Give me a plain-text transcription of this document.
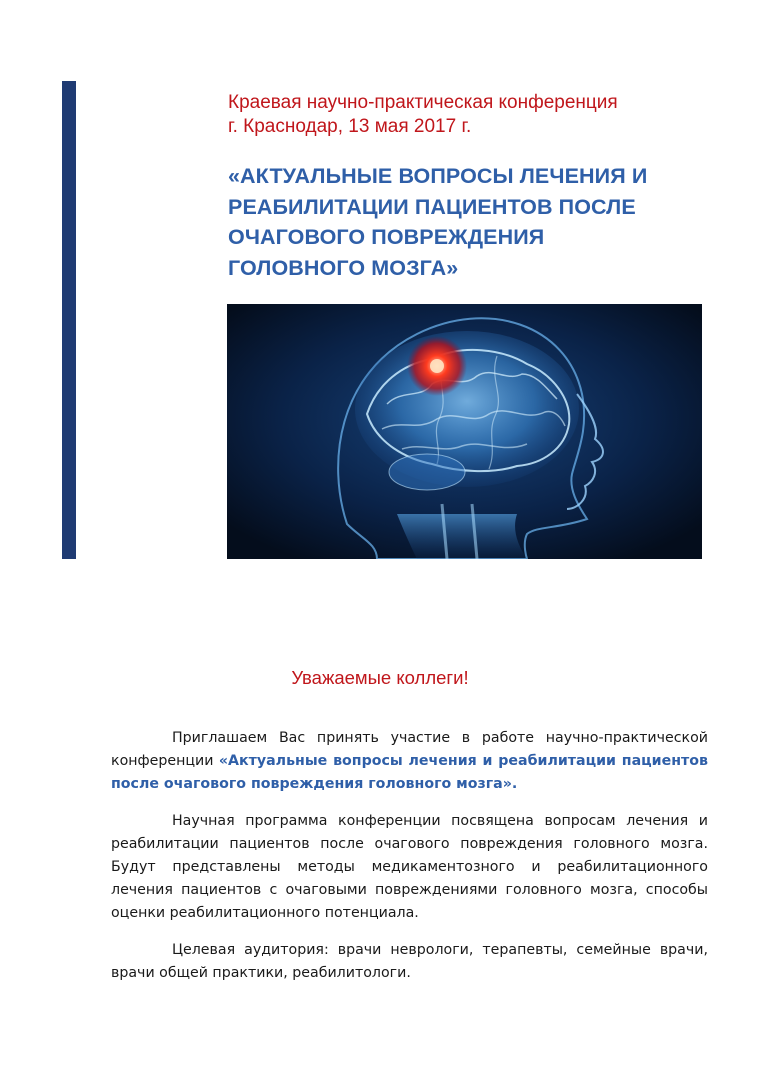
Краевая научно-практическая конференция

г. Краснодар, 13 мая 2017 г.

«АКТУАЛЬНЫЕ ВОПРОСЫ ЛЕЧЕНИЯ И
РЕАБИЛИТАЦИИ ПАЦИЕНТОВ ПОСЛЕ
ОЧАГОВОГО ПОВРЕЖДЕНИЯ
ГОЛОВНОГО МОЗГА»

Уважаемые коллеги!

Приглашаем Вас принять участие в работе научно-практической конференции «Актуальные вопросы лечения и реабилитации пациентов после очагового повреждения головного мозга».

Научная программа конференции посвящена вопросам лечения и реабилитации пациентов после очагового повреждения головного мозга. Будут представлены методы медикаментозного и реабилитационного лечения пациентов с очаговыми повреждениями головного мозга, способы оценки реабилитационного потенциала.

Целевая аудитория: врачи неврологи, терапевты, семейные врачи, врачи общей практики, реабилитологи.
